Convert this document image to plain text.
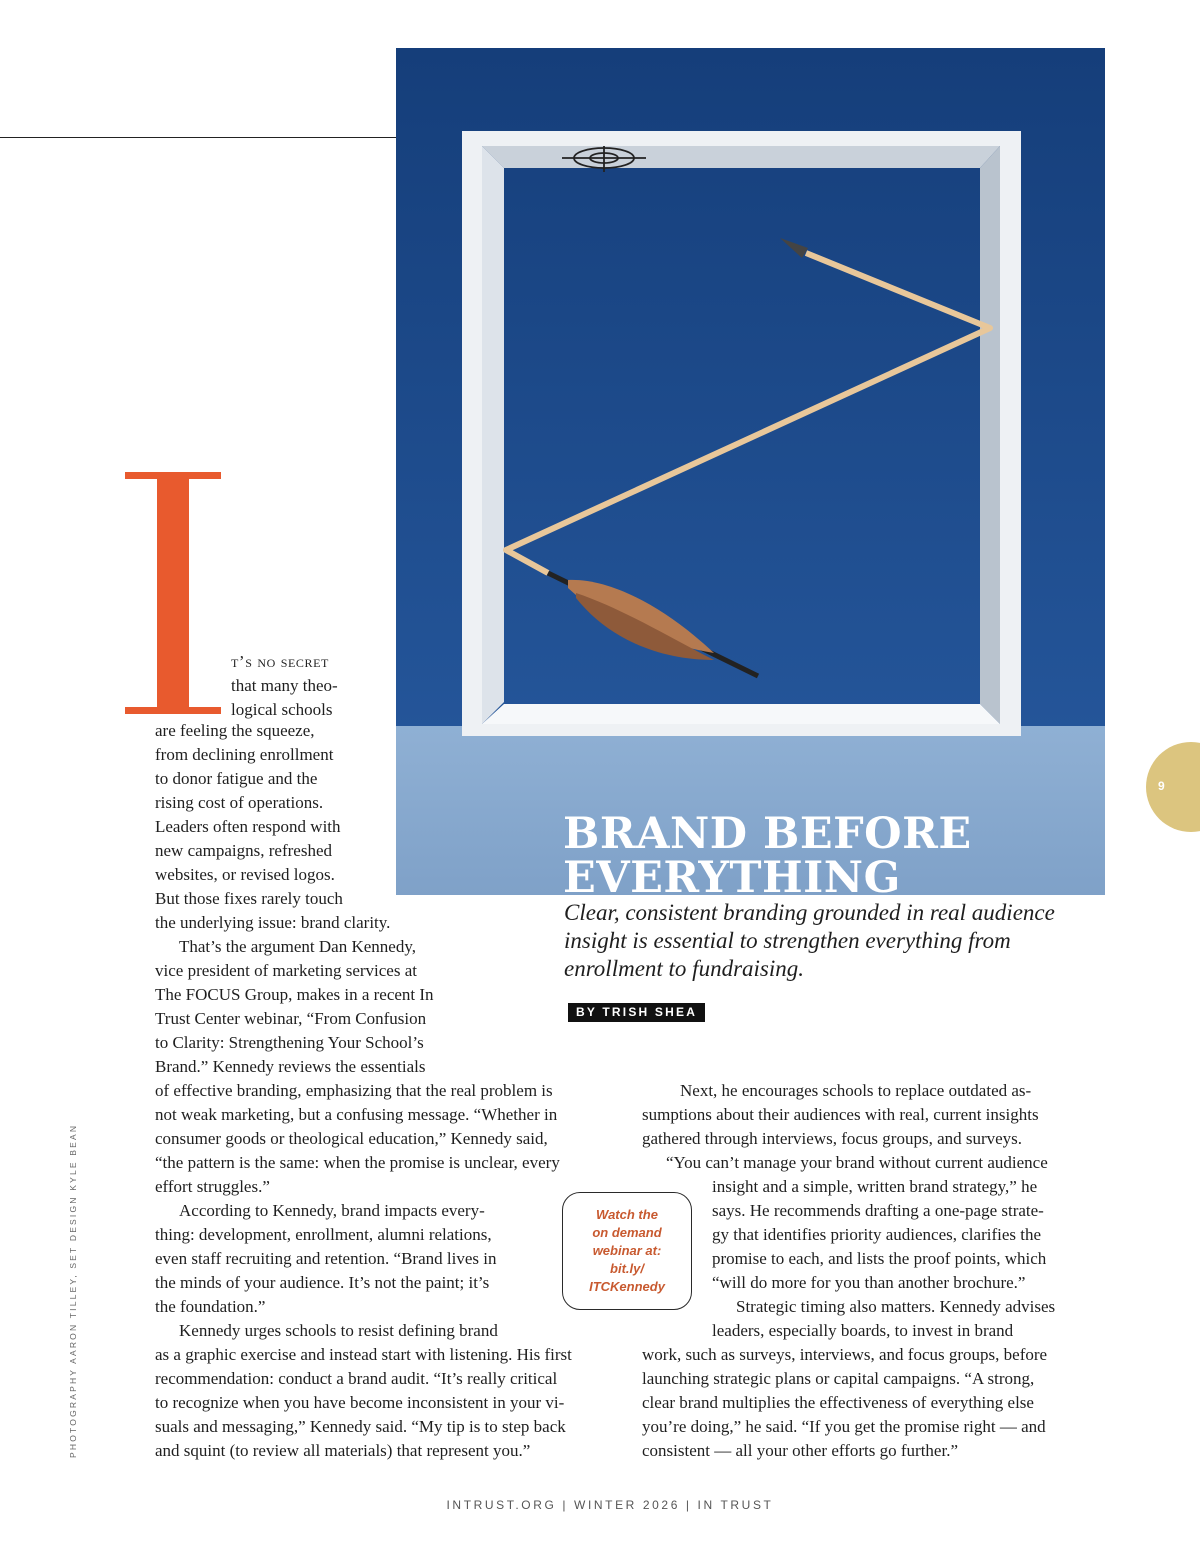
BRAND BEFORE
EVERYTHING

Clear, consistent branding grounded in real audience insight is essential to strengthen everything from enrollment to fundraising.

BY TRISH SHEA

t’s no secret

that many theo-

logical schools

are feeling the squeeze,

from declining enrollment

to donor fatigue and the

rising cost of operations.

Leaders often respond with

new campaigns, refreshed

websites, or revised logos.

But those fixes rarely touch

the underlying issue: brand clarity.

That’s the argument Dan Kennedy,

vice president of marketing services at

The FOCUS Group, makes in a recent In

Trust Center webinar, “From Confusion

to Clarity: Strengthening Your School’s

Brand.” Kennedy reviews the essentials

of effective branding, emphasizing that the real problem is

not weak marketing, but a confusing message. “Whether in

consumer goods or theological education,” Kennedy said,

“the pattern is the same: when the promise is unclear, every

effort struggles.”

According to Kennedy, brand impacts every-

thing: development, enrollment, alumni relations,

even staff recruiting and retention. “Brand lives in

the minds of your audience. It’s not the paint; it’s

the foundation.”

Kennedy urges schools to resist defining brand

as a graphic exercise and instead start with listening. His first

recommendation: conduct a brand audit. “It’s really critical

to recognize when you have become inconsistent in your vi-

suals and messaging,” Kennedy said. “My tip is to step back

and squint (to review all materials) that represent you.”

Next, he encourages schools to replace outdated as-

sumptions about their audiences with real, current insights

gathered through interviews, focus groups, and surveys.

“You can’t manage your brand without current audience

insight and a simple, written brand strategy,” he

says. He recommends drafting a one-page strate-

gy that identifies priority audiences, clarifies the

promise to each, and lists the proof points, which

“will do more for you than another brochure.”

Strategic timing also matters. Kennedy advises

leaders, especially boards, to invest in brand

work, such as surveys, interviews, and focus groups, before

launching strategic plans or capital campaigns. “A strong,

clear brand multiplies the effectiveness of everything else

you’re doing,” he said. “If you get the promise right — and

consistent — all your other efforts go further.”

Watch the
on demand
webinar at:
bit.ly/
ITCKennedy
PHOTOGRAPHY AARON TILLEY, SET DESIGN KYLE BEAN
9
INTRUST.ORG | WINTER 2026 | IN TRUST
